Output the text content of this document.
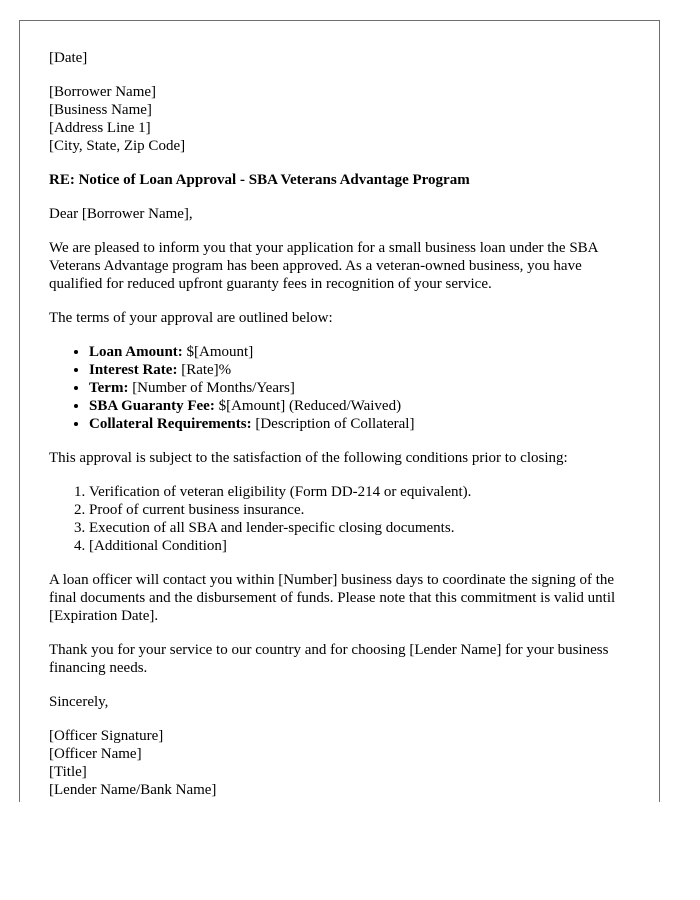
[Date]

[Borrower Name]
[Business Name]
[Address Line 1]
[City, State, Zip Code]

RE: Notice of Loan Approval - SBA Veterans Advantage Program

Dear [Borrower Name],

We are pleased to inform you that your application for a small business loan under the SBA Veterans Advantage program has been approved. As a veteran-owned business, you have qualified for reduced upfront guaranty fees in recognition of your service.

The terms of your approval are outlined below:

• Loan Amount: $[Amount]
• Interest Rate: [Rate]%
• Term: [Number of Months/Years]
• SBA Guaranty Fee: $[Amount] (Reduced/Waived)
• Collateral Requirements: [Description of Collateral]

This approval is subject to the satisfaction of the following conditions prior to closing:

1. Verification of veteran eligibility (Form DD-214 or equivalent).
2. Proof of current business insurance.
3. Execution of all SBA and lender-specific closing documents.
4. [Additional Condition]

A loan officer will contact you within [Number] business days to coordinate the signing of the final documents and the disbursement of funds. Please note that this commitment is valid until [Expiration Date].

Thank you for your service to our country and for choosing [Lender Name] for your business financing needs.

Sincerely,

[Officer Signature]
[Officer Name]
[Title]
[Lender Name/Bank Name]
